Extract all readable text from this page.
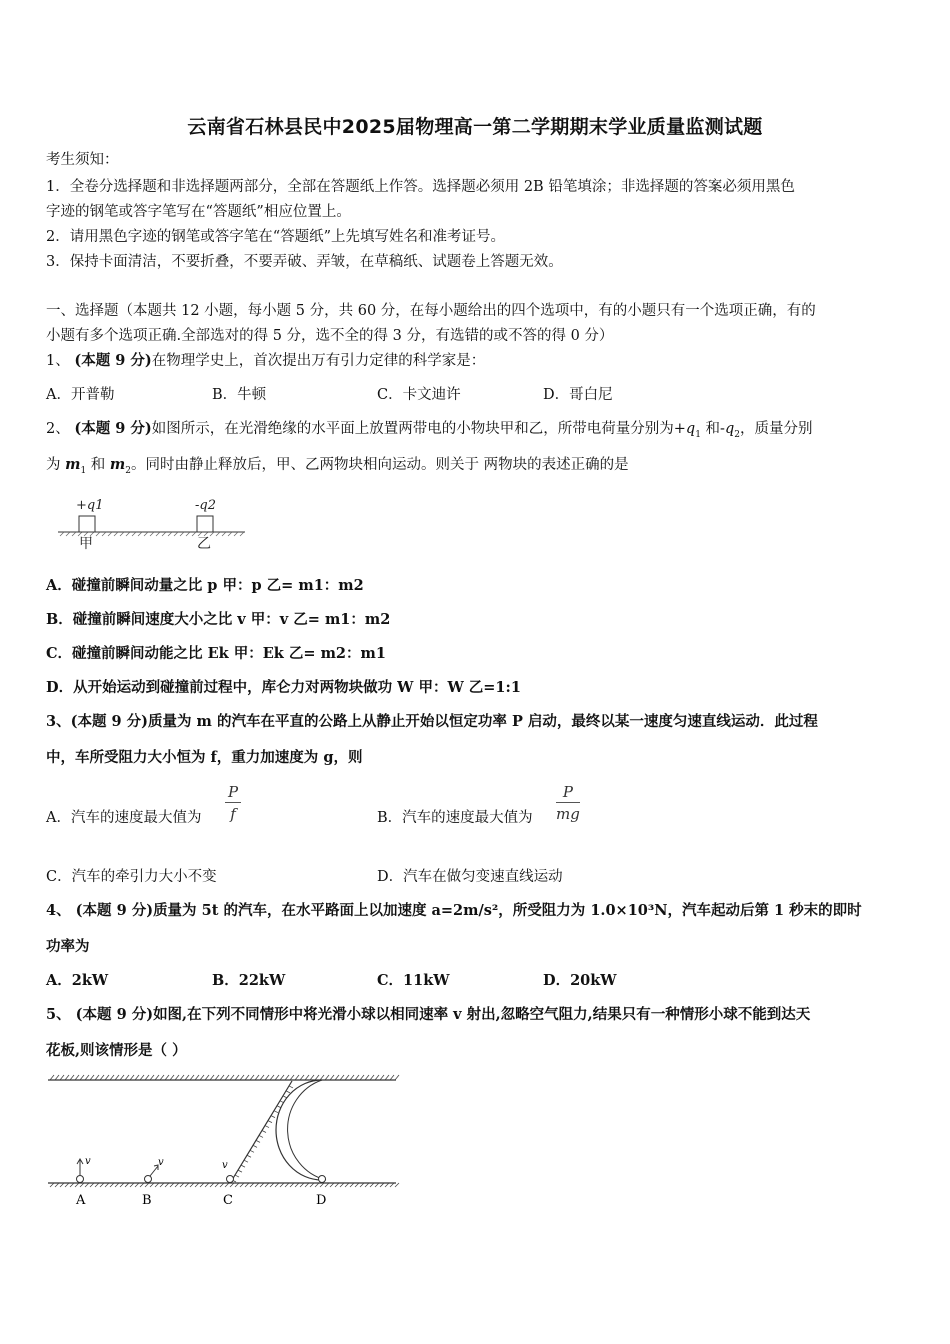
云南省石林县民中2025届物理高一第二学期期末学业质量监测试题
考生须知：
1．全卷分选择题和非选择题两部分，全部在答题纸上作答。选择题必须用 2B 铅笔填涂；非选择题的答案必须用黑色
字迹的钢笔或答字笔写在“答题纸”相应位置上。
2．请用黑色字迹的钢笔或答字笔在“答题纸”上先填写姓名和准考证号。
3．保持卡面清洁，不要折叠，不要弄破、弄皱，在草稿纸、试题卷上答题无效。
一、选择题（本题共 12 小题，每小题 5 分，共 60 分，在每小题给出的四个选项中，有的小题只有一个选项正确，有的
小题有多个选项正确.全部选对的得 5 分，选不全的得 3 分，有选错的或不答的得 0 分）
1、 (本题 9 分)在物理学史上，首次提出万有引力定律的科学家是：
A．开普勒	B．牛顿	C．卡文迪许	D．哥白尼
2、 (本题 9 分)如图所示，在光滑绝缘的水平面上放置两带电的小物块甲和乙，所带电荷量分别为$+q_1$ 和$-q_2$，质量分别
为 $m_1$ 和 $m_2$。同时由静止释放后，甲、乙两物块相向运动。则关于 两物块的表述正确的是
+q1	-q2
甲	乙
A．碰撞前瞬间动量之比 p 甲：p 乙= m1：m2
B．碰撞前瞬间速度大小之比 v 甲：v 乙= m1：m2
C．碰撞前瞬间动能之比 Ek 甲：Ek 乙= m2：m1
D．从开始运动到碰撞前过程中，库仑力对两物块做功 W 甲：W 乙=1:1
3、(本题 9 分)质量为 m 的汽车在平直的公路上从静止开始以恒定功率 P 启动，最终以某一速度匀速直线运动．此过程
中，车所受阻力大小恒为 f，重力加速度为 g，则
A．汽车的速度最大值为 $\frac{P}{f}$	B．汽车的速度最大值为 $\frac{P}{mg}$
C．汽车的牵引力大小不变	D．汽车在做匀变速直线运动
4、 (本题 9 分)质量为 5t 的汽车，在水平路面上以加速度 a=2m/s²，所受阻力为 1.0×10³N，汽车起动后第 1 秒末的即时
功率为
A．2kW	B．22kW	C．11kW	D．20kW
5、 (本题 9 分)如图,在下列不同情形中将光滑小球以相同速率 v 射出,忽略空气阻力,结果只有一种情形小球不能到达天
花板,则该情形是（ ）
v	v	v
A	B	C	D
